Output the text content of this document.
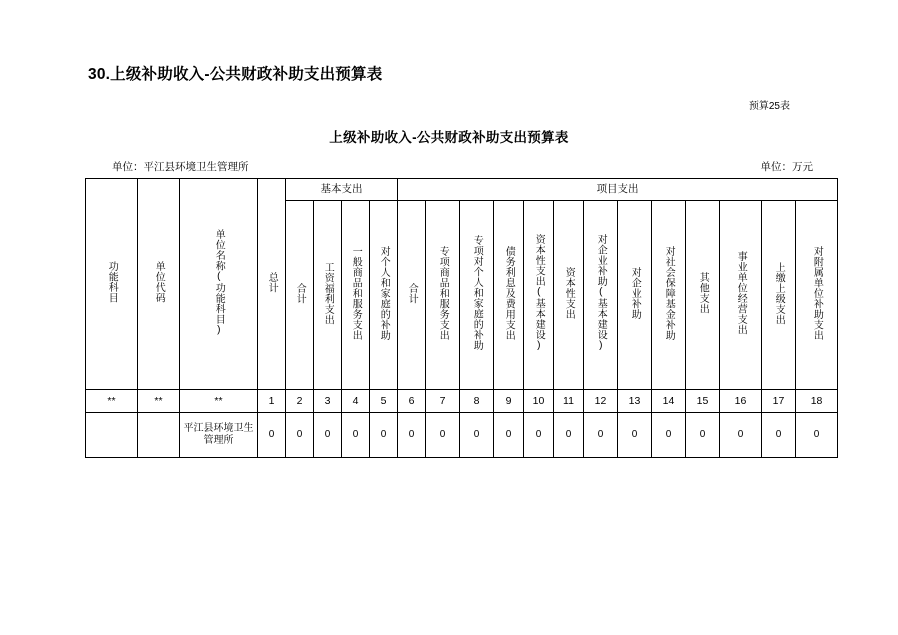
30.上级补助收入-公共财政补助支出预算表
预算25表
上级补助收入-公共财政补助支出预算表
单位：平江县环境卫生管理所	单位：万元
功能科目	单位代码	单位名称(功能科目)	总计	基本支出				项目支出												
				合计	工资福利支出	一般商品和服务支出	对个人和家庭的补助	合计	专项商品和服务支出	专项对个人和家庭的补助	债务利息及费用支出	资本性支出(基本建设)	资本性支出	对企业补助(基本建设)	对企业补助	对社会保障基金补助	其他支出	事业单位经营支出	上缴上级支出	对附属单位补助支出
**	**	**	1	2	3	4	5	6	7	8	9	10	11	12	13	14	15	16	17	18
		平江县环境卫生管理所	0	0	0	0	0	0	0	0	0	0	0	0	0	0	0	0	0	0
